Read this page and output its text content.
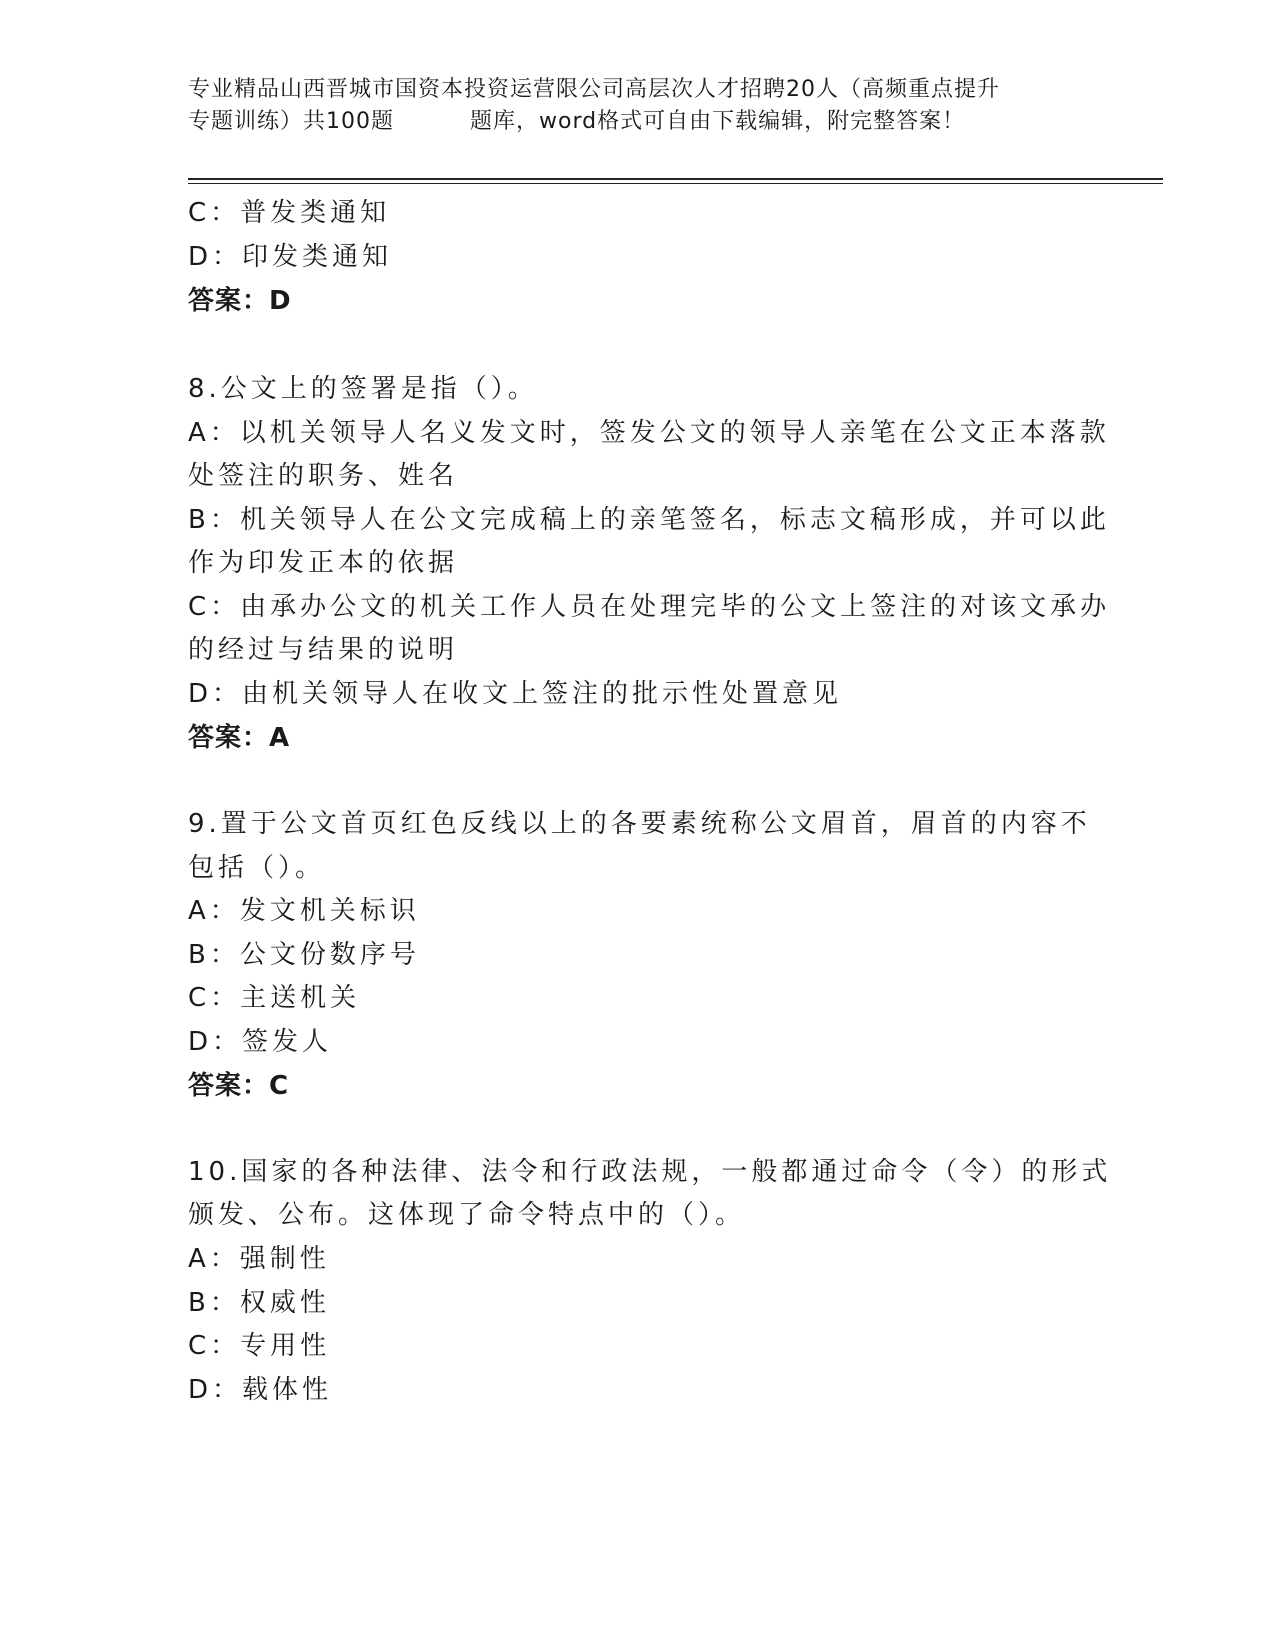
专业精品山西晋城市国资本投资运营限公司高层次人才招聘20人（高频重点提升
专题训练）共100题	题库，word格式可自由下载编辑，附完整答案！
C：普发类通知
D：印发类通知
答案：D
8.公文上的签署是指（）。
A：以机关领导人名义发文时，签发公文的领导人亲笔在公文正本落款
处签注的职务、姓名
B：机关领导人在公文完成稿上的亲笔签名，标志文稿形成，并可以此
作为印发正本的依据
C：由承办公文的机关工作人员在处理完毕的公文上签注的对该文承办
的经过与结果的说明
D：由机关领导人在收文上签注的批示性处置意见
答案：A
9.置于公文首页红色反线以上的各要素统称公文眉首，眉首的内容不
包括（）。
A：发文机关标识
B：公文份数序号
C：主送机关
D：签发人
答案：C
10.国家的各种法律、法令和行政法规，一般都通过命令（令）的形式
颁发、公布。这体现了命令特点中的（）。
A：强制性
B：权威性
C：专用性
D：载体性
